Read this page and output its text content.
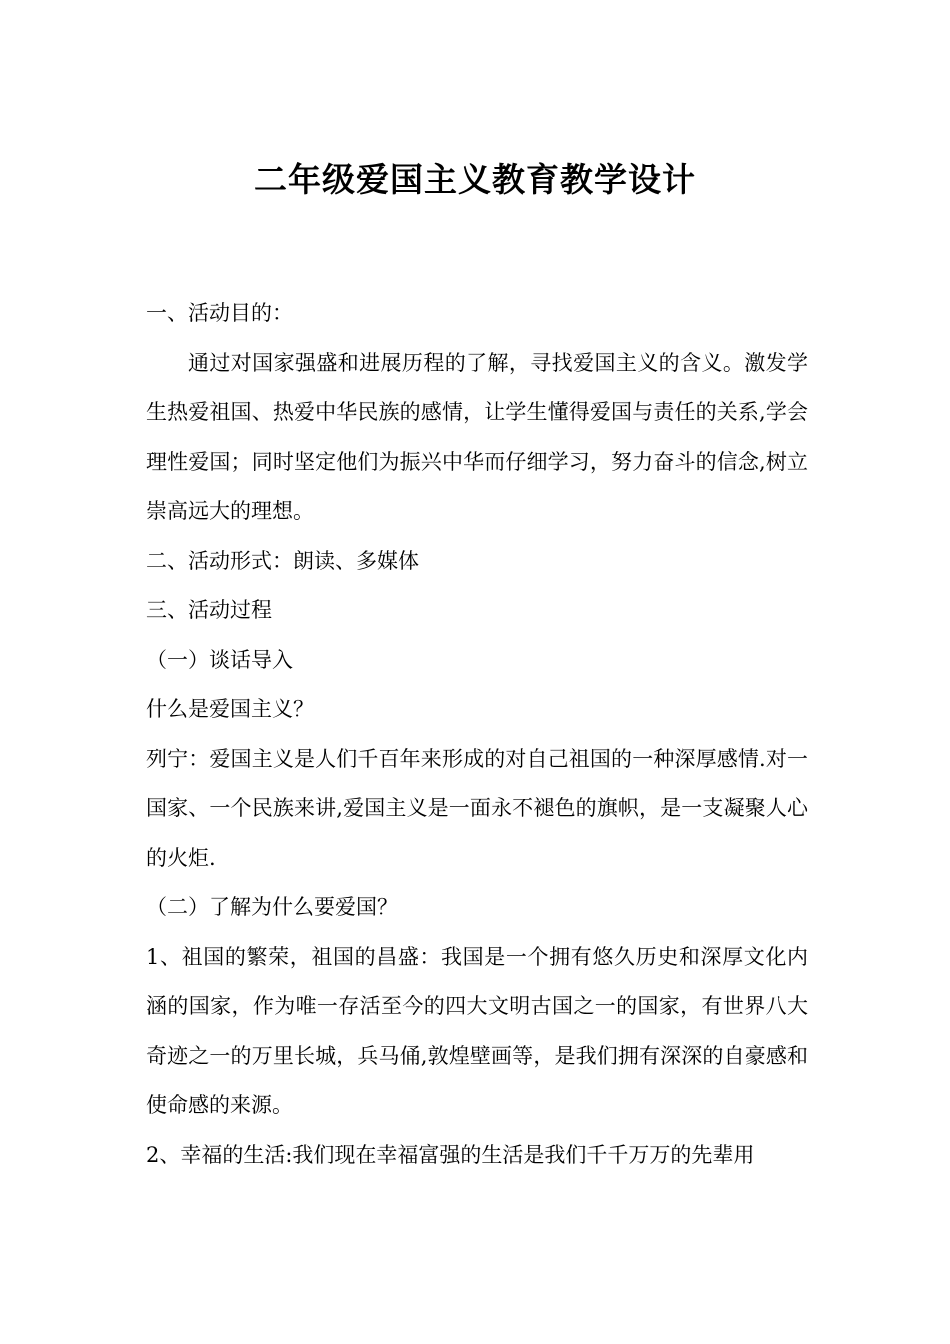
二年级爱国主义教育教学设计

一、活动目的：

通过对国家强盛和进展历程的了解，寻找爱国主义的含义。激发学生热爱祖国、热爱中华民族的感情，让学生懂得爱国与责任的关系,学会理性爱国；同时坚定他们为振兴中华而仔细学习，努力奋斗的信念,树立崇高远大的理想。

二、活动形式：朗读、多媒体

三、活动过程

（一）谈话导入

什么是爱国主义？

列宁：爱国主义是人们千百年来形成的对自己祖国的一种深厚感情.对一国家、一个民族来讲,爱国主义是一面永不褪色的旗帜，是一支凝聚人心的火炬.

（二）了解为什么要爱国？

1、祖国的繁荣，祖国的昌盛：我国是一个拥有悠久历史和深厚文化内涵的国家，作为唯一存活至今的四大文明古国之一的国家，有世界八大奇迹之一的万里长城，兵马俑,敦煌壁画等，是我们拥有深深的自豪感和使命感的来源。

2、幸福的生活:我们现在幸福富强的生活是我们千千万万的先辈用
